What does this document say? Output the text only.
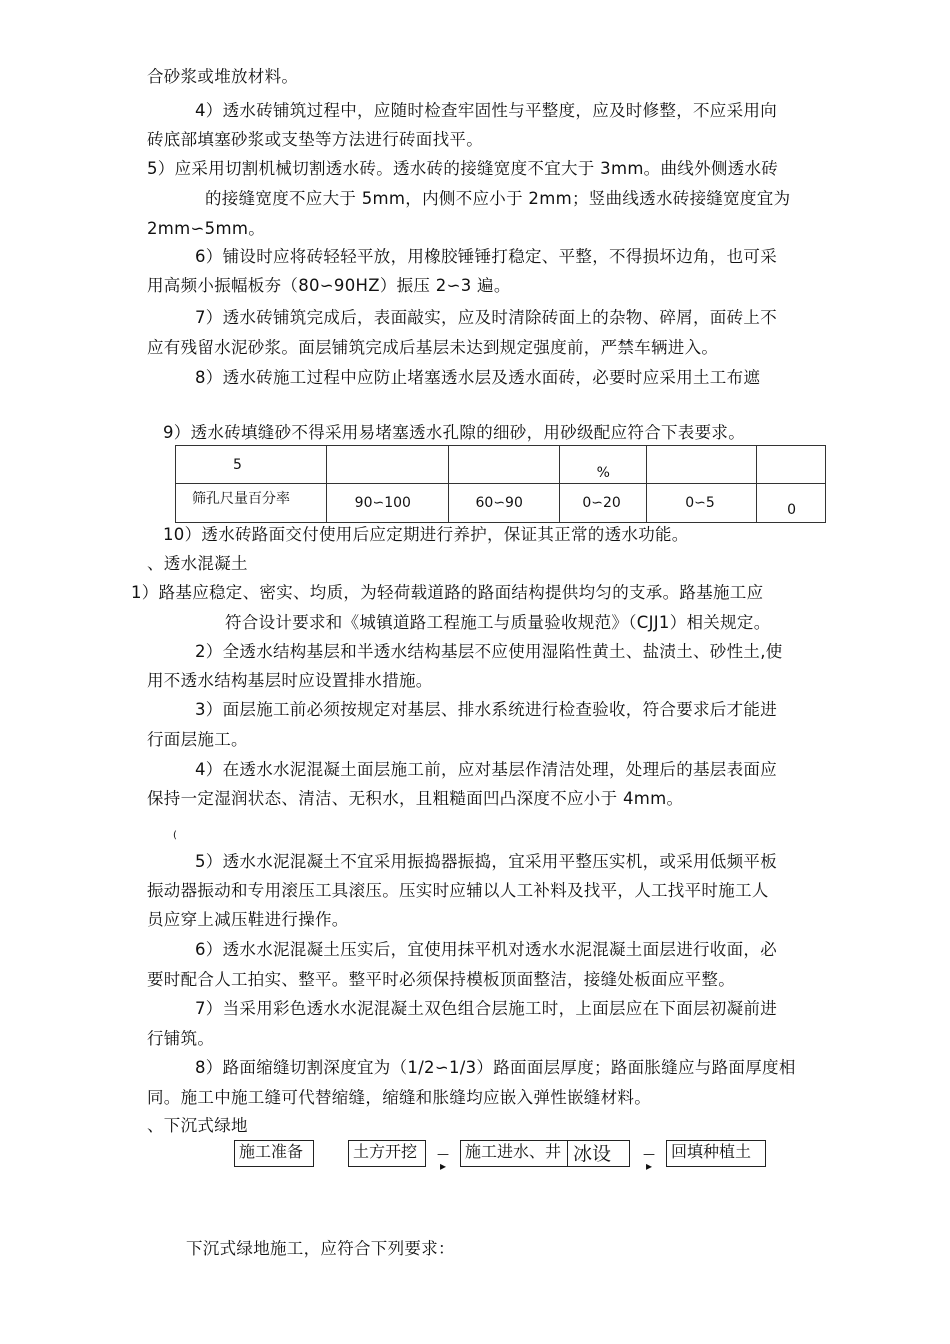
合砂浆或堆放材料。
4）透水砖铺筑过程中，应随时检查牢固性与平整度，应及时修整，不应采用向
砖底部填塞砂浆或支垫等方法进行砖面找平。
5）应采用切割机械切割透水砖。透水砖的接缝宽度不宜大于 3mm。曲线外侧透水砖
的接缝宽度不应大于 5mm，内侧不应小于 2mm；竖曲线透水砖接缝宽度宜为
2mm∽5mm。
6）铺设时应将砖轻轻平放，用橡胶锤锤打稳定、平整，不得损坏边角，也可采
用高频小振幅板夯（80∽90HZ）振压 2∽3 遍。
7）透水砖铺筑完成后，表面敲实，应及时清除砖面上的杂物、碎屑，面砖上不
应有残留水泥砂浆。面层铺筑完成后基层未达到规定强度前，严禁车辆进入。
8）透水砖施工过程中应防止堵塞透水层及透水面砖，必要时应采用土工布遮
9）透水砖填缝砂不得采用易堵塞透水孔隙的细砂，用砂级配应符合下表要求。
5			%		
筛孔尺量百分率	90∽100	60∽90	0∽20	0∽5	0
10）透水砖路面交付使用后应定期进行养护，保证其正常的透水功能。
、透水混凝土
1）路基应稳定、密实、均质，为轻荷载道路的路面结构提供均匀的支承。路基施工应
符合设计要求和《城镇道路工程施工与质量验收规范》（CJJ1）相关规定。
2）全透水结构基层和半透水结构基层不应使用湿陷性黄土、盐渍土、砂性土,使
用不透水结构基层时应设置排水措施。
3）面层施工前必须按规定对基层、排水系统进行检查验收，符合要求后才能进
行面层施工。
4）在透水水泥混凝土面层施工前，应对基层作清洁处理，处理后的基层表面应
保持一定湿润状态、清洁、无积水，且粗糙面凹凸深度不应小于 4mm。
(
5）透水水泥混凝土不宜采用振捣器振捣，宜采用平整压实机，或采用低频平板
振动器振动和专用滚压工具滚压。压实时应辅以人工补料及找平，人工找平时施工人
员应穿上减压鞋进行操作。
6）透水水泥混凝土压实后，宜使用抹平机对透水水泥混凝土面层进行收面，必
要时配合人工拍实、整平。整平时必须保持模板顶面整洁，接缝处板面应平整。
7）当采用彩色透水水泥混凝土双色组合层施工时，上面层应在下面层初凝前进
行铺筑。
8）路面缩缝切割深度宜为（1/2∽1/3）路面面层厚度；路面胀缝应与路面厚度相
同。施工中施工缝可代替缩缝，缩缝和胀缝均应嵌入弹性嵌缝材料。
、下沉式绿地
施工准备	土方开挖	—
▸
施工进水、井 冰设	—
▸
回填种植土
下沉式绿地施工，应符合下列要求：
